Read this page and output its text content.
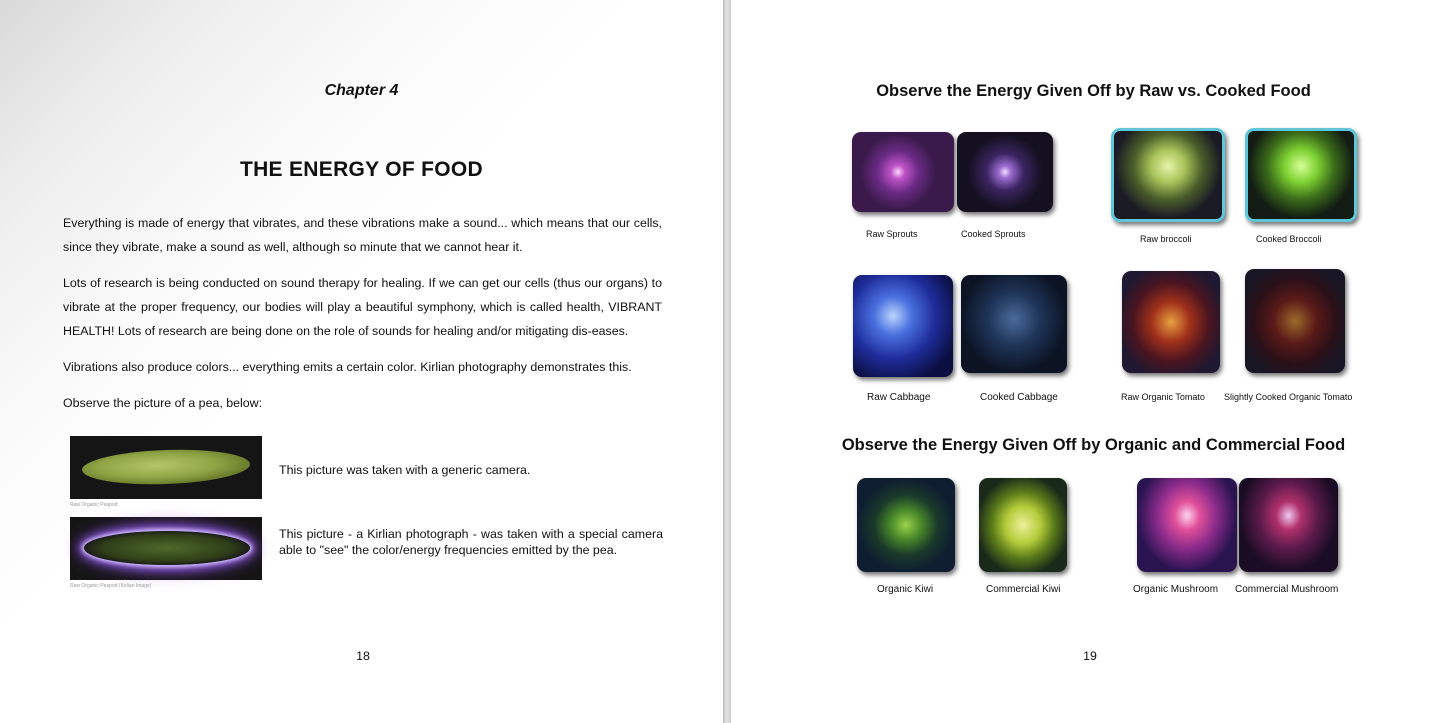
Chapter 4
THE ENERGY OF FOOD
Everything is made of energy that vibrates, and these vibrations make a sound... which means that our cells, since they vibrate, make a sound as well, although so minute that we cannot hear it.
Lots of research is being conducted on sound therapy for healing. If we can get our cells (thus our organs) to vibrate at the proper frequency, our bodies will play a beautiful symphony, which is called health, VIBRANT HEALTH! Lots of research are being done on the role of sounds for healing and/or mitigating dis-eases.
Vibrations also produce colors... everything emits a certain color. Kirlian photography demonstrates this.
Observe the picture of a pea, below:
Raw Organic Peapod
Raw Organic Peapod (Kirlian Image)
This picture was taken with a generic camera.
This picture - a Kirlian photograph - was taken with a special camera able to "see" the color/energy frequencies emitted by the pea.
18
Observe the Energy Given Off by Raw vs. Cooked Food
Raw Sprouts	Cooked Sprouts	Raw broccoli	Cooked Broccoli
Raw Cabbage	Cooked Cabbage	Raw Organic Tomato Slightly Cooked Organic Tomato
Observe the Energy Given Off by Organic and Commercial Food
Organic Kiwi	Commercial Kiwi	Organic Mushroom Commercial Mushroom
19
